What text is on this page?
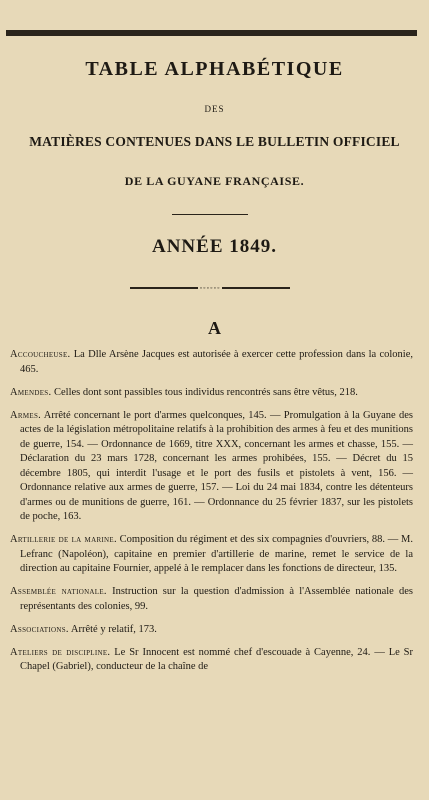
TABLE ALPHABÉTIQUE
DES
MATIÈRES CONTENUES DANS LE BULLETIN OFFICIEL
DE LA GUYANE FRANÇAISE.
ANNÉE 1849.
◦◦◦◦◦◦
A

Accoucheuse. La Dlle Arsène Jacques est autorisée à exercer cette profession dans la colonie, 465.

Amendes. Celles dont sont passibles tous individus rencontrés sans être vêtus, 218.

Armes. Arrêté concernant le port d'armes quelconques, 145. — Promulgation à la Guyane des actes de la législation métropolitaine relatifs à la prohibition des armes à feu et des munitions de guerre, 154. — Ordonnance de 1669, titre XXX, concernant les armes et chasse, 155. — Déclaration du 23 mars 1728, concernant les armes prohibées, 155. — Décret du 15 décembre 1805, qui interdit l'usage et le port des fusils et pistolets à vent, 156. — Ordonnance relative aux armes de guerre, 157. — Loi du 24 mai 1834, contre les détenteurs d'armes ou de munitions de guerre, 161. — Ordonnance du 25 février 1837, sur les pistolets de poche, 163.

Artillerie de la marine. Composition du régiment et des six compagnies d'ouvriers, 88. — M. Lefranc (Napoléon), capitaine en premier d'artillerie de marine, remet le service de la direction au capitaine Fournier, appelé à le remplacer dans les fonctions de directeur, 135.

Assemblée nationale. Instruction sur la question d'admission à l'Assemblée nationale des représentants des colonies, 99.

Associations. Arrêté y relatif, 173.

Ateliers de discipline. Le Sr Innocent est nommé chef d'escouade à Cayenne, 24. — Le Sr Chapel (Gabriel), conducteur de la chaîne de
